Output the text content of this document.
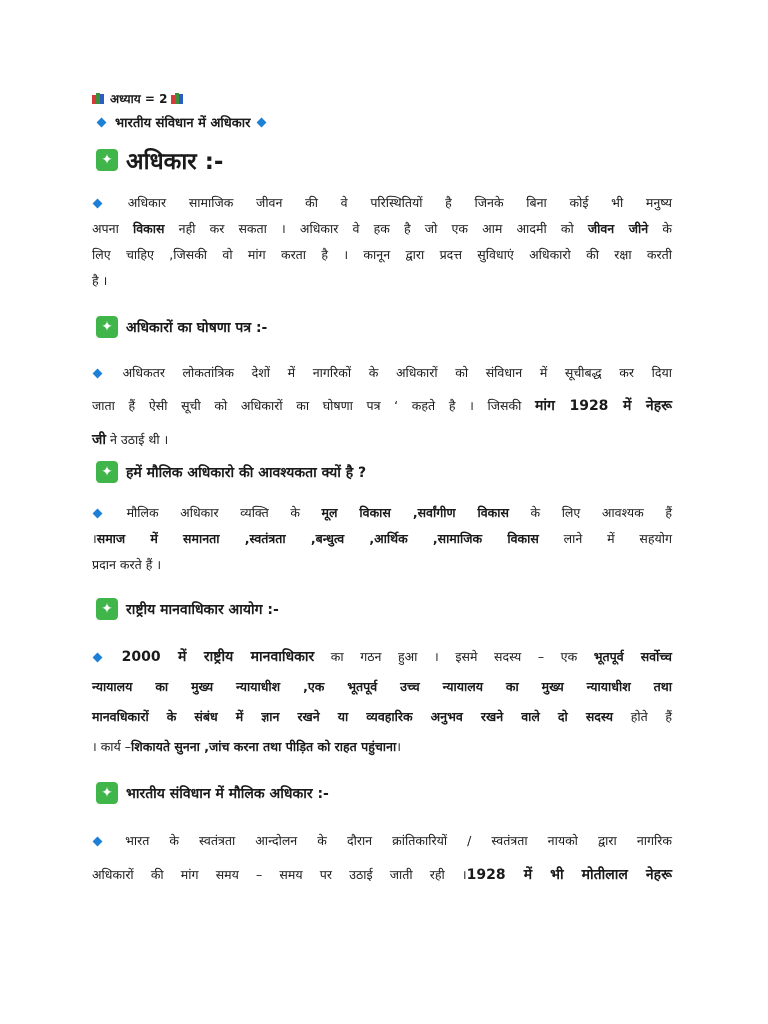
अध्याय = 2
भारतीय संविधान में अधिकार
✦ अधिकार :-
अधिकार सामाजिक जीवन की वे परिस्थितियों है जिनके बिना कोई भी मनुष्य
अपना विकास नही कर सकता । अधिकार वे हक है जो एक आम आदमी को जीवन जीने के
लिए चाहिए ,जिसकी वो मांग करता है । कानून द्वारा प्रदत्त सुविधाएं अधिकारो की रक्षा करती
है ।
✦ अधिकारों का घोषणा पत्र :-
अधिकतर लोकतांत्रिक देशों में नागरिकों के अधिकारों को संविधान में सूचीबद्ध कर दिया
जाता हैं ऐसी सूची को अधिकारों का घोषणा पत्र ‘ कहते है । जिसकी मांग 1928 में नेहरू
जी ने उठाई थी ।
✦ हमें मौलिक अधिकारो की आवश्यकता क्यों है ?
मौलिक अधिकार व्यक्ति के मूल विकास ,सर्वांगीण विकास के लिए आवश्यक हैं
।समाज में समानता ,स्वतंत्रता ,बन्धुत्व ,आर्थिक ,सामाजिक विकास लाने में सहयोग
प्रदान करते हैं ।
✦ राष्ट्रीय मानवाधिकार आयोग :-
2000 में राष्ट्रीय मानवाधिकार का गठन हुआ । इसमे सदस्य – एक भूतपूर्व सर्वोच्च
न्यायालय का मुख्य न्यायाधीश ,एक भूतपूर्व उच्च न्यायालय का मुख्य न्यायाधीश तथा
मानवधिकारों के संबंध में ज्ञान रखने या व्यवहारिक अनुभव रखने वाले दो सदस्य होते हैं
। कार्य –शिकायते सुनना ,जांच करना तथा पीड़ित को राहत पहुंचाना।
✦ भारतीय संविधान में मौलिक अधिकार :-
भारत के स्वतंत्रता आन्दोलन के दौरान क्रांतिकारियों / स्वतंत्रता नायको द्वारा नागरिक
अधिकारों की मांग समय – समय पर उठाई जाती रही ।1928 में भी मोतीलाल नेहरू
